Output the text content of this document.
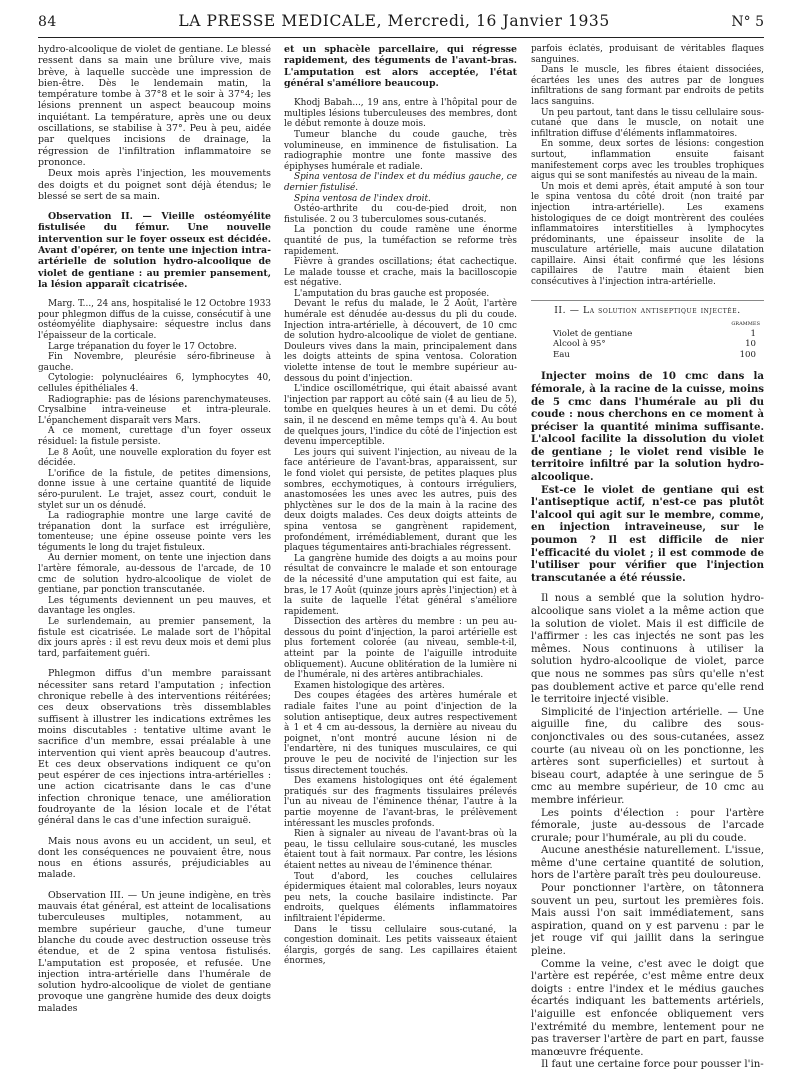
84	LA PRESSE MEDICALE, Mercredi, 16 Janvier 1935	N° 5

hydro-alcoolique de violet de gentiane. Le blessé ressent dans sa main une brûlure vive, mais brève, à laquelle succède une impression de bien-être. Dès le lendemain matin, la température tombe à 37°8 et le soir à 37°4; les lésions prennent un aspect beaucoup moins inquiétant. La température, après une ou deux oscillations, se stabilise à 37°. Peu à peu, aidée par quelques incisions de drainage, la régression de l'infiltration inflammatoire se prononce.

Deux mois après l'injection, les mouvements des doigts et du poignet sont déjà étendus; le blessé se sert de sa main.

Observation II. — Vieille ostéomyélite fistulisée du fémur. Une nouvelle intervention sur le foyer osseux est décidée. Avant d'opérer, on tente une injection intra-artérielle de solution hydro-alcoolique de violet de gentiane : au premier pansement, la lésion apparaît cicatrisée.

Marg. T..., 24 ans, hospitalisé le 12 Octobre 1933 pour phlegmon diffus de la cuisse, consécutif à une ostéomyélite diaphysaire: séquestre inclus dans l'épaisseur de la corticale.

Large trépanation du foyer le 17 Octobre.

Fin Novembre, pleurésie séro-fibrineuse à gauche.

Cytologie: polynucléaires 6, lymphocytes 40, cellules épithéliales 4.

Radiographie: pas de lésions parenchymateuses. Crysalbine intra-veineuse et intra-pleurale. L'épanchement disparaît vers Mars.

A ce moment, curettage d'un foyer osseux résiduel: la fistule persiste.

Le 8 Août, une nouvelle exploration du foyer est décidée.

L'orifice de la fistule, de petites dimensions, donne issue à une certaine quantité de liquide séro-purulent. Le trajet, assez court, conduit le stylet sur un os dénudé.

La radiographie montre une large cavité de trépanation dont la surface est irrégulière, tomenteuse; une épine osseuse pointe vers les téguments le long du trajet fistuleux.

Au dernier moment, on tente une injection dans l'artère fémorale, au-dessous de l'arcade, de 10 cmc de solution hydro-alcoolique de violet de gentiane, par ponction transcutanée.

Les téguments deviennent un peu mauves, et davantage les ongles.

Le surlendemain, au premier pansement, la fistule est cicatrisée. Le malade sort de l'hôpital dix jours après : il est revu deux mois et demi plus tard, parfaitement guéri.

Phlegmon diffus d'un membre paraissant nécessiter sans retard l'amputation ; infection chronique rebelle à des interventions réitérées; ces deux observations très dissemblables suffisent à illustrer les indications extrêmes les moins discutables : tentative ultime avant le sacrifice d'un membre, essai préalable à une intervention qui vient après beaucoup d'autres. Et ces deux observations indiquent ce qu'on peut espérer de ces injections intra-artérielles : une action cicatrisante dans le cas d'une infection chronique tenace, une amélioration foudroyante de la lésion locale et de l'état général dans le cas d'une infection suraiguë.

Mais nous avons eu un accident, un seul, et dont les conséquences ne pouvaient être, nous nous en étions assurés, préjudiciables au malade.

Observation III. — Un jeune indigène, en très mauvais état général, est atteint de localisations tuberculeuses multiples, notamment, au membre supérieur gauche, d'une tumeur blanche du coude avec destruction osseuse très étendue, et de 2 spina ventosa fistulisés. L'amputation est proposée, et refusée. Une injection intra-artérielle dans l'humérale de solution hydro-alcoolique de violet de gentiane provoque une gangrène humide des deux doigts malades

et un sphacèle parcellaire, qui régresse rapidement, des téguments de l'avant-bras. L'amputation est alors acceptée, l'état général s'améliore beaucoup.

Khodj Babah..., 19 ans, entre à l'hôpital pour de multiples lésions tuberculeuses des membres, dont le début remonte à douze mois.

Tumeur blanche du coude gauche, très volumineuse, en imminence de fistulisation. La radiographie montre une fonte massive des épiphyses humérale et radiale.

Spina ventosa de l'index et du médius gauche, ce dernier fistulisé.

Spina ventosa de l'index droit.

Ostéo-arthrite du cou-de-pied droit, non fistulisée. 2 ou 3 tuberculomes sous-cutanés.

La ponction du coude ramène une énorme quantité de pus, la tuméfaction se reforme très rapidement.

Fièvre à grandes oscillations; état cachectique. Le malade tousse et crache, mais la bacilloscopie est négative.

L'amputation du bras gauche est proposée.

Devant le refus du malade, le 2 Août, l'artère humérale est dénudée au-dessus du pli du coude. Injection intra-artérielle, à découvert, de 10 cmc de solution hydro-alcoolique de violet de gentiane. Douleurs vives dans la main, principalement dans les doigts atteints de spina ventosa. Coloration violette intense de tout le membre supérieur au-dessous du point d'injection.

L'indice oscillométrique, qui était abaissé avant l'injection par rapport au côté sain (4 au lieu de 5), tombe en quelques heures à un et demi. Du côté sain, il ne descend en même temps qu'à 4. Au bout de quelques jours, l'indice du côté de l'injection est devenu imperceptible.

Les jours qui suivent l'injection, au niveau de la face antérieure de l'avant-bras, apparaissent, sur le fond violet qui persiste, de petites plaques plus sombres, ecchymotiques, à contours irréguliers, anastomosées les unes avec les autres, puis des phlyctènes sur le dos de la main à la racine des deux doigts malades. Ces deux doigts atteints de spina ventosa se gangrènent rapidement, profondément, irrémédiablement, durant que les plaques tégumentaires anti-brachiales régressent.

La gangrène humide des doigts a au moins pour résultat de convaincre le malade et son entourage de la nécessité d'une amputation qui est faite, au bras, le 17 Août (quinze jours après l'injection) et à la suite de laquelle l'état général s'améliore rapidement.

Dissection des artères du membre : un peu au-dessous du point d'injection, la paroi artérielle est plus fortement colorée (au niveau, semble-t-il, atteint par la pointe de l'aiguille introduite obliquement). Aucune oblitération de la lumière ni de l'humérale, ni des artères antibrachiales.

Examen histologique des artères.

Des coupes étagées des artères humérale et radiale faites l'une au point d'injection de la solution antiseptique, deux autres respectivement à 1 et 4 cm au-dessous, la dernière au niveau du poignet, n'ont montré aucune lésion ni de l'endartère, ni des tuniques musculaires, ce qui prouve le peu de nocivité de l'injection sur les tissus directement touchés.

Des examens histologiques ont été également pratiqués sur des fragments tissulaires prélevés l'un au niveau de l'éminence thénar, l'autre à la partie moyenne de l'avant-bras, le prélèvement intéressant les muscles profonds.

Rien à signaler au niveau de l'avant-bras où la peau, le tissu cellulaire sous-cutané, les muscles étaient tout à fait normaux. Par contre, les lésions étaient nettes au niveau de l'éminence thénar.

Tout d'abord, les couches cellulaires épidermiques étaient mal colorables, leurs noyaux peu nets, la couche basilaire indistincte. Par endroits, quelques éléments inflammatoires infiltraient l'épiderme.

Dans le tissu cellulaire sous-cutané, la congestion dominait. Les petits vaisseaux étaient élargis, gorgés de sang. Les capillaires étaient énormes,

parfois éclatés, produisant de véritables flaques sanguines.

Dans le muscle, les fibres étaient dissociées, écartées les unes des autres par de longues infiltrations de sang formant par endroits de petits lacs sanguins.

Un peu partout, tant dans le tissu cellulaire sous-cutané que dans le muscle, on notait une infiltration diffuse d'éléments inflammatoires.

En somme, deux sortes de lésions: congestion surtout, inflammation ensuite faisant manifestement corps avec les troubles trophiques aigus qui se sont manifestés au niveau de la main.

Un mois et demi après, était amputé à son tour le spina ventosa du côté droit (non traité par injection intra-artérielle). Les examens histologiques de ce doigt montrèrent des coulées inflammatoires interstitielles à lymphocytes prédominants, une épaisseur insolite de la musculature artérielle, mais aucune dilatation capillaire. Ainsi était confirmé que les lésions capillaires de l'autre main étaient bien consécutives à l'injection intra-artérielle.

II. — La solution antiseptique injectée.
grammes
Violet de gentiane	1
Alcool à 95°	10
Eau	100

Injecter moins de 10 cmc dans la fémorale, à la racine de la cuisse, moins de 5 cmc dans l'humérale au pli du coude : nous cherchons en ce moment à préciser la quantité minima suffisante. L'alcool facilite la dissolution du violet de gentiane ; le violet rend visible le territoire infiltré par la solution hydro-alcoolique.

Est-ce le violet de gentiane qui est l'antiseptique actif, n'est-ce pas plutôt l'alcool qui agit sur le membre, comme, en injection intraveineuse, sur le poumon ? Il est difficile de nier l'efficacité du violet ; il est commode de l'utiliser pour vérifier que l'injection transcutanée a été réussie.

Il nous a semblé que la solution hydro-alcoolique sans violet a la même action que la solution de violet. Mais il est difficile de l'affirmer : les cas injectés ne sont pas les mêmes. Nous continuons à utiliser la solution hydro-alcoolique de violet, parce que nous ne sommes pas sûrs qu'elle n'est pas doublement active et parce qu'elle rend le territoire injecté visible.

Simplicité de l'injection artérielle. — Une aiguille fine, du calibre des sous-conjonctivales ou des sous-cutanées, assez courte (au niveau où on les ponctionne, les artères sont superficielles) et surtout à biseau court, adaptée à une seringue de 5 cmc au membre supérieur, de 10 cmc au membre inférieur.

Les points d'élection : pour l'artère fémorale, juste au-dessous de l'arcade crurale; pour l'humérale, au pli du coude.

Aucune anesthésie naturellement. L'issue, même d'une certaine quantité de solution, hors de l'artère paraît très peu douloureuse.

Pour ponctionner l'artère, on tâtonnera souvent un peu, surtout les premières fois. Mais aussi l'on sait immédiatement, sans aspiration, quand on y est parvenu : par le jet rouge vif qui jaillit dans la seringue pleine.

Comme la veine, c'est avec le doigt que l'artère est repérée, c'est même entre deux doigts : entre l'index et le médius gauches écartés indiquant les battements artériels, l'aiguille est enfoncée obliquement vers l'extrémité du membre, lentement pour ne pas traverser l'artère de part en part, fausse manœuvre fréquente.

Il faut une certaine force pour pousser l'in-
